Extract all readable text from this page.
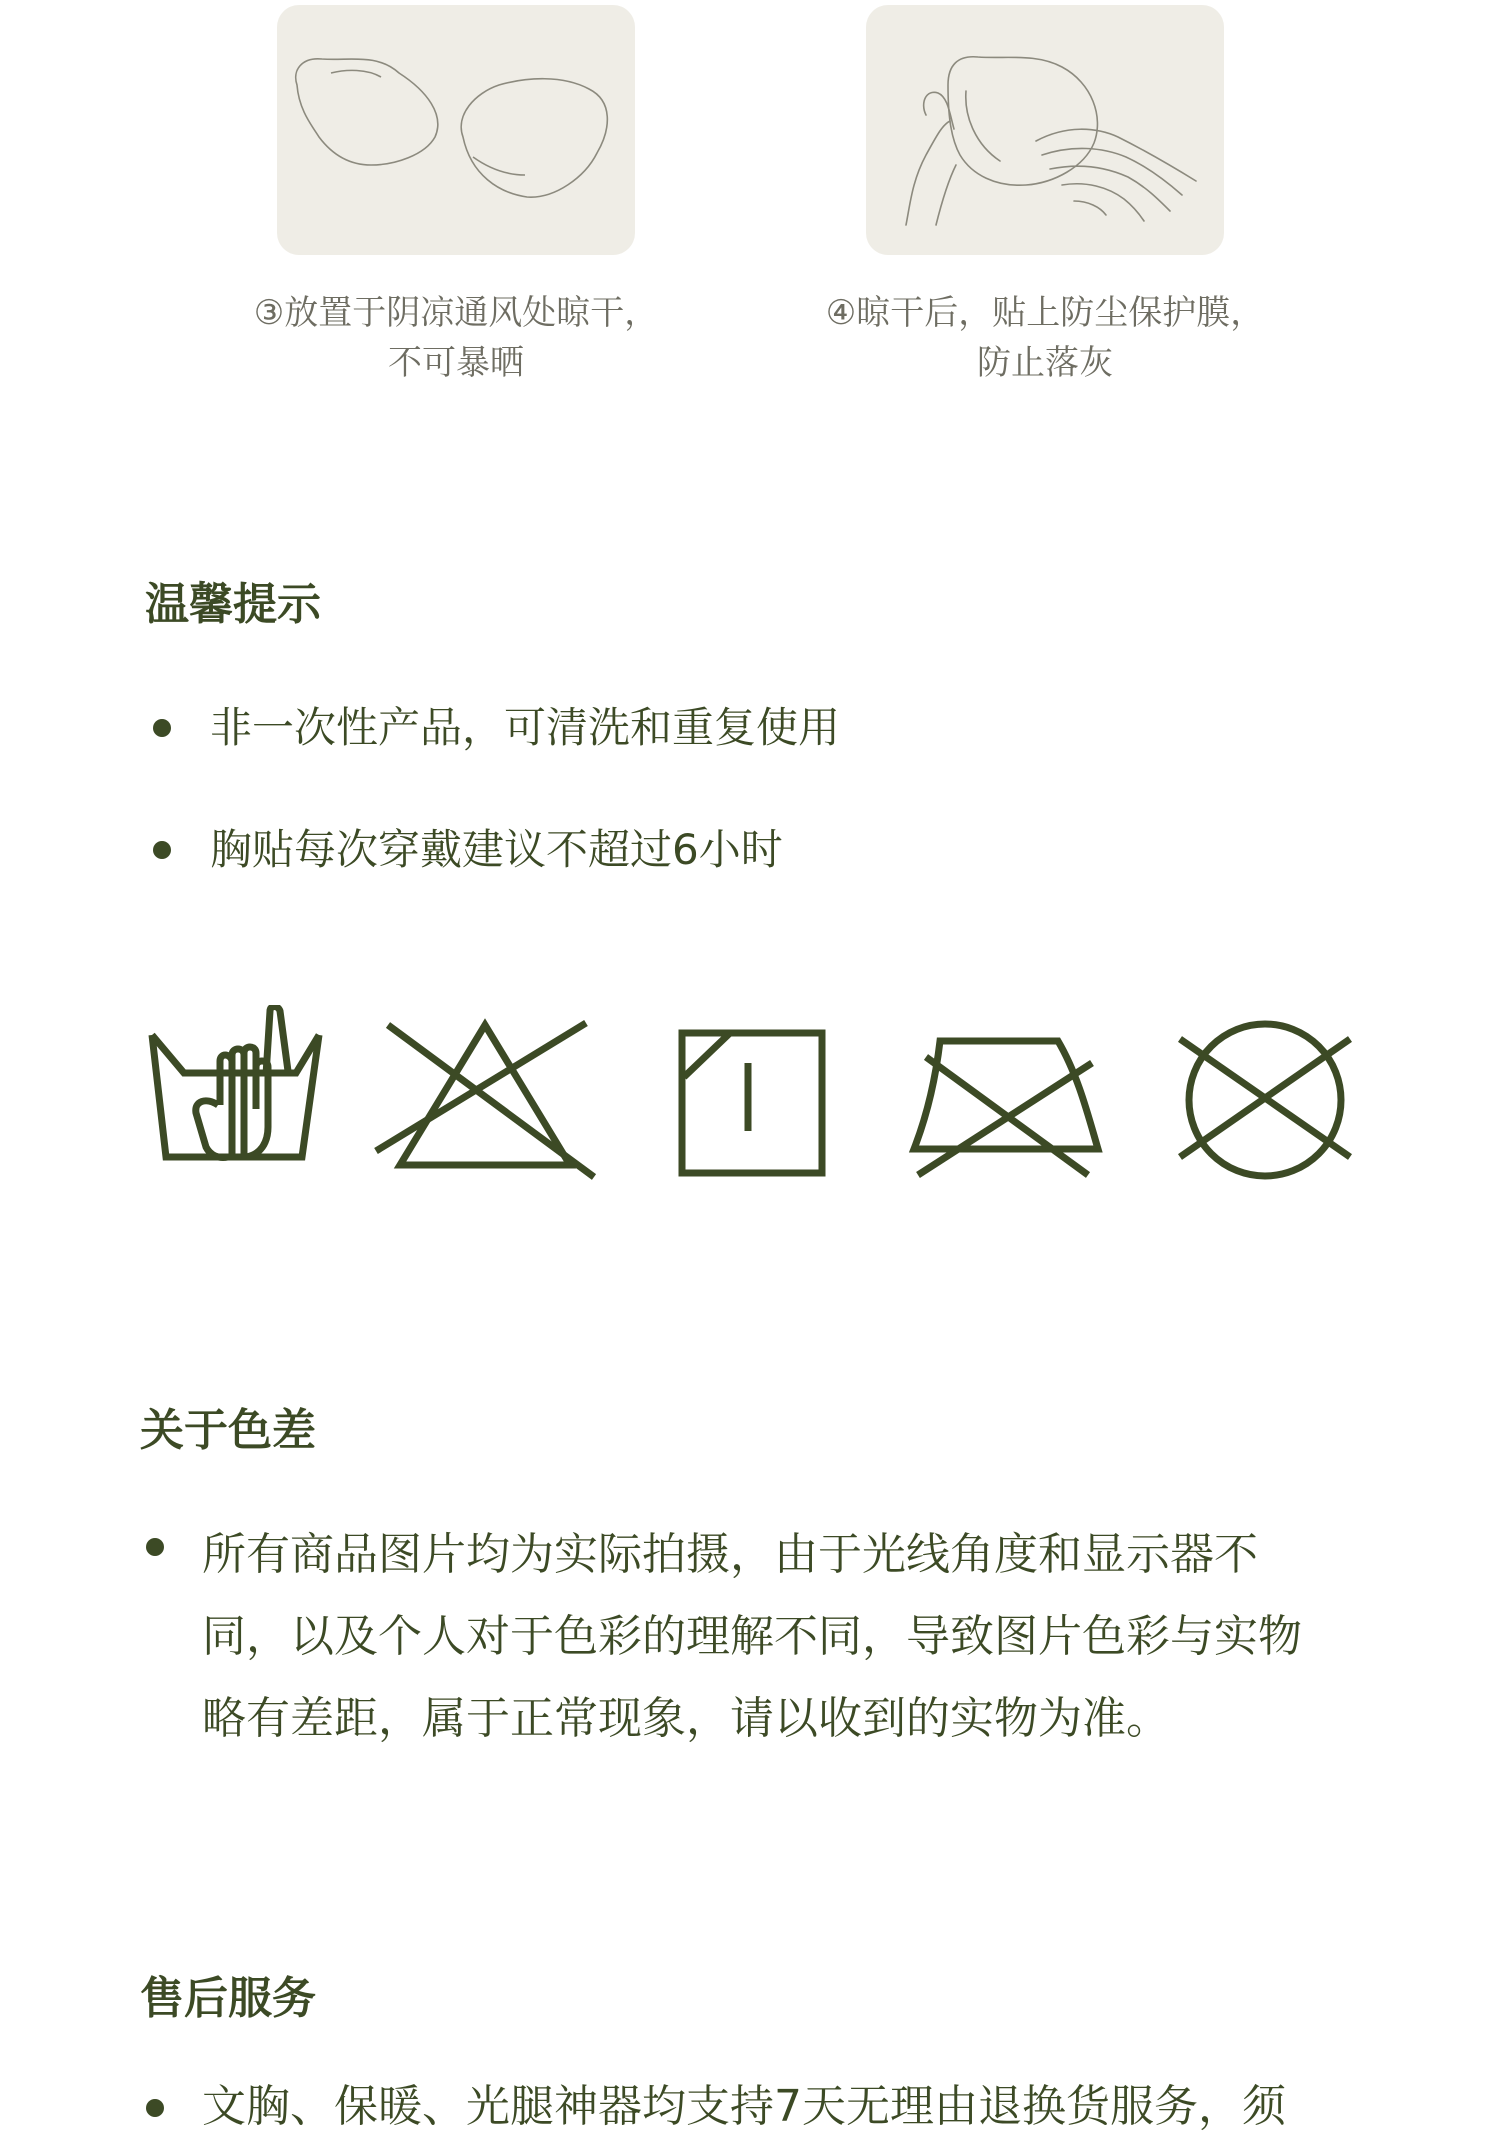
③放置于阴凉通风处晾干，
不可暴晒
④晾干后，贴上防尘保护膜，
防止落灰
温馨提示
非一次性产品，可清洗和重复使用
胸贴每次穿戴建议不超过6小时
关于色差
所有商品图片均为实际拍摄，由于光线角度和显示器不
同，以及个人对于色彩的理解不同，导致图片色彩与实物
略有差距，属于正常现象，请以收到的实物为准。
售后服务
文胸、保暖、光腿神器均支持7天无理由退换货服务，须
